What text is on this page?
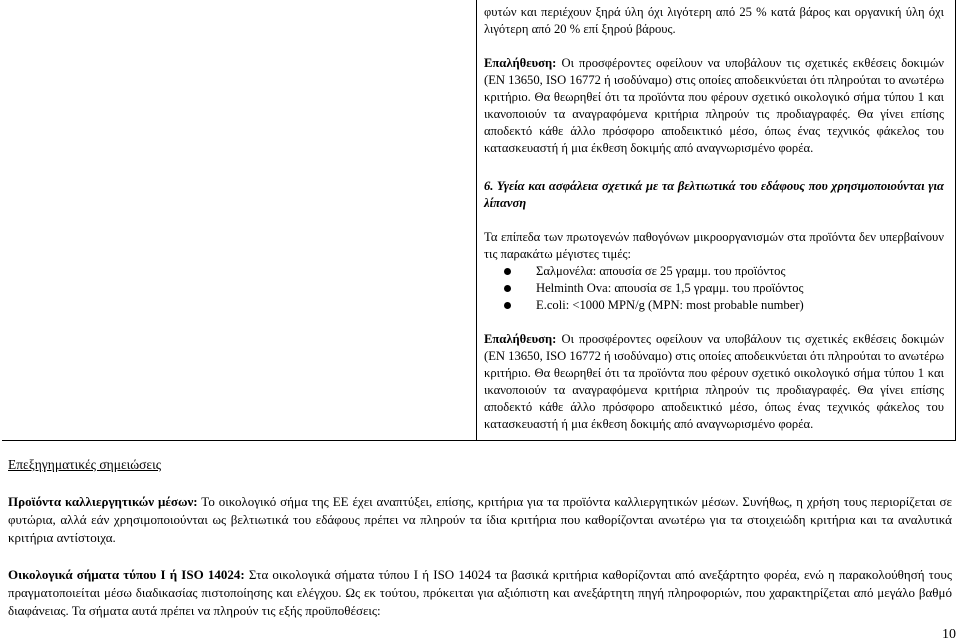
φυτών και περιέχουν ξηρά ύλη όχι λιγότερη από 25 % κατά βάρος και οργανική ύλη όχι λιγότερη από 20 % επί ξηρού βάρους.

Επαλήθευση: Οι προσφέροντες οφείλουν να υποβάλουν τις σχετικές εκθέσεις δοκιμών (EN 13650, ISO 16772 ή ισοδύναμο) στις οποίες αποδεικνύεται ότι πληρούται το ανωτέρω κριτήριο. Θα θεωρηθεί ότι τα προϊόντα που φέρουν σχετικό οικολογικό σήμα τύπου 1 και ικανοποιούν τα αναγραφόμενα κριτήρια πληρούν τις προδιαγραφές. Θα γίνει επίσης αποδεκτό κάθε άλλο πρόσφορο αποδεικτικό μέσο, όπως ένας τεχνικός φάκελος του κατασκευαστή ή μια έκθεση δοκιμής από αναγνωρισμένο φορέα.

6. Υγεία και ασφάλεια σχετικά με τα βελτιωτικά του εδάφους που χρησιμοποιούνται για λίπανση

Τα επίπεδα των πρωτογενών παθογόνων μικροοργανισμών στα προϊόντα δεν υπερβαίνουν τις παρακάτω μέγιστες τιμές:

Σαλμονέλα: απουσία σε 25 γραμμ. του προϊόντος
Helminth Ova: απουσία σε 1,5 γραμμ. του προϊόντος
E.coli: <1000 MPN/g (MPN: most probable number)

Επαλήθευση: Οι προσφέροντες οφείλουν να υποβάλουν τις σχετικές εκθέσεις δοκιμών (EN 13650, ISO 16772 ή ισοδύναμο) στις οποίες αποδεικνύεται ότι πληρούται το ανωτέρω κριτήριο. Θα θεωρηθεί ότι τα προϊόντα που φέρουν σχετικό οικολογικό σήμα τύπου 1 και ικανοποιούν τα αναγραφόμενα κριτήρια πληρούν τις προδιαγραφές. Θα γίνει επίσης αποδεκτό κάθε άλλο πρόσφορο αποδεικτικό μέσο, όπως ένας τεχνικός φάκελος του κατασκευαστή ή μια έκθεση δοκιμής από αναγνωρισμένο φορέα.

Επεξηγηματικές σημειώσεις

Προϊόντα καλλιεργητικών μέσων: Το οικολογικό σήμα της ΕΕ έχει αναπτύξει, επίσης, κριτήρια για τα προϊόντα καλλιεργητικών μέσων. Συνήθως, η χρήση τους περιορίζεται σε φυτώρια, αλλά εάν χρησιμοποιούνται ως βελτιωτικά του εδάφους πρέπει να πληρούν τα ίδια κριτήρια που καθορίζονται ανωτέρω για τα στοιχειώδη κριτήρια και τα αναλυτικά κριτήρια αντίστοιχα.

Οικολογικά σήματα τύπου Ι ή ISO 14024: Στα οικολογικά σήματα τύπου I ή ISO 14024 τα βασικά κριτήρια καθορίζονται από ανεξάρτητο φορέα, ενώ η παρακολούθησή τους πραγματοποιείται μέσω διαδικασίας πιστοποίησης και ελέγχου. Ως εκ τούτου, πρόκειται για αξιόπιστη και ανεξάρτητη πηγή πληροφοριών, που χαρακτηρίζεται από μεγάλο βαθμό διαφάνειας. Τα σήματα αυτά πρέπει να πληρούν τις εξής προϋποθέσεις:

10
